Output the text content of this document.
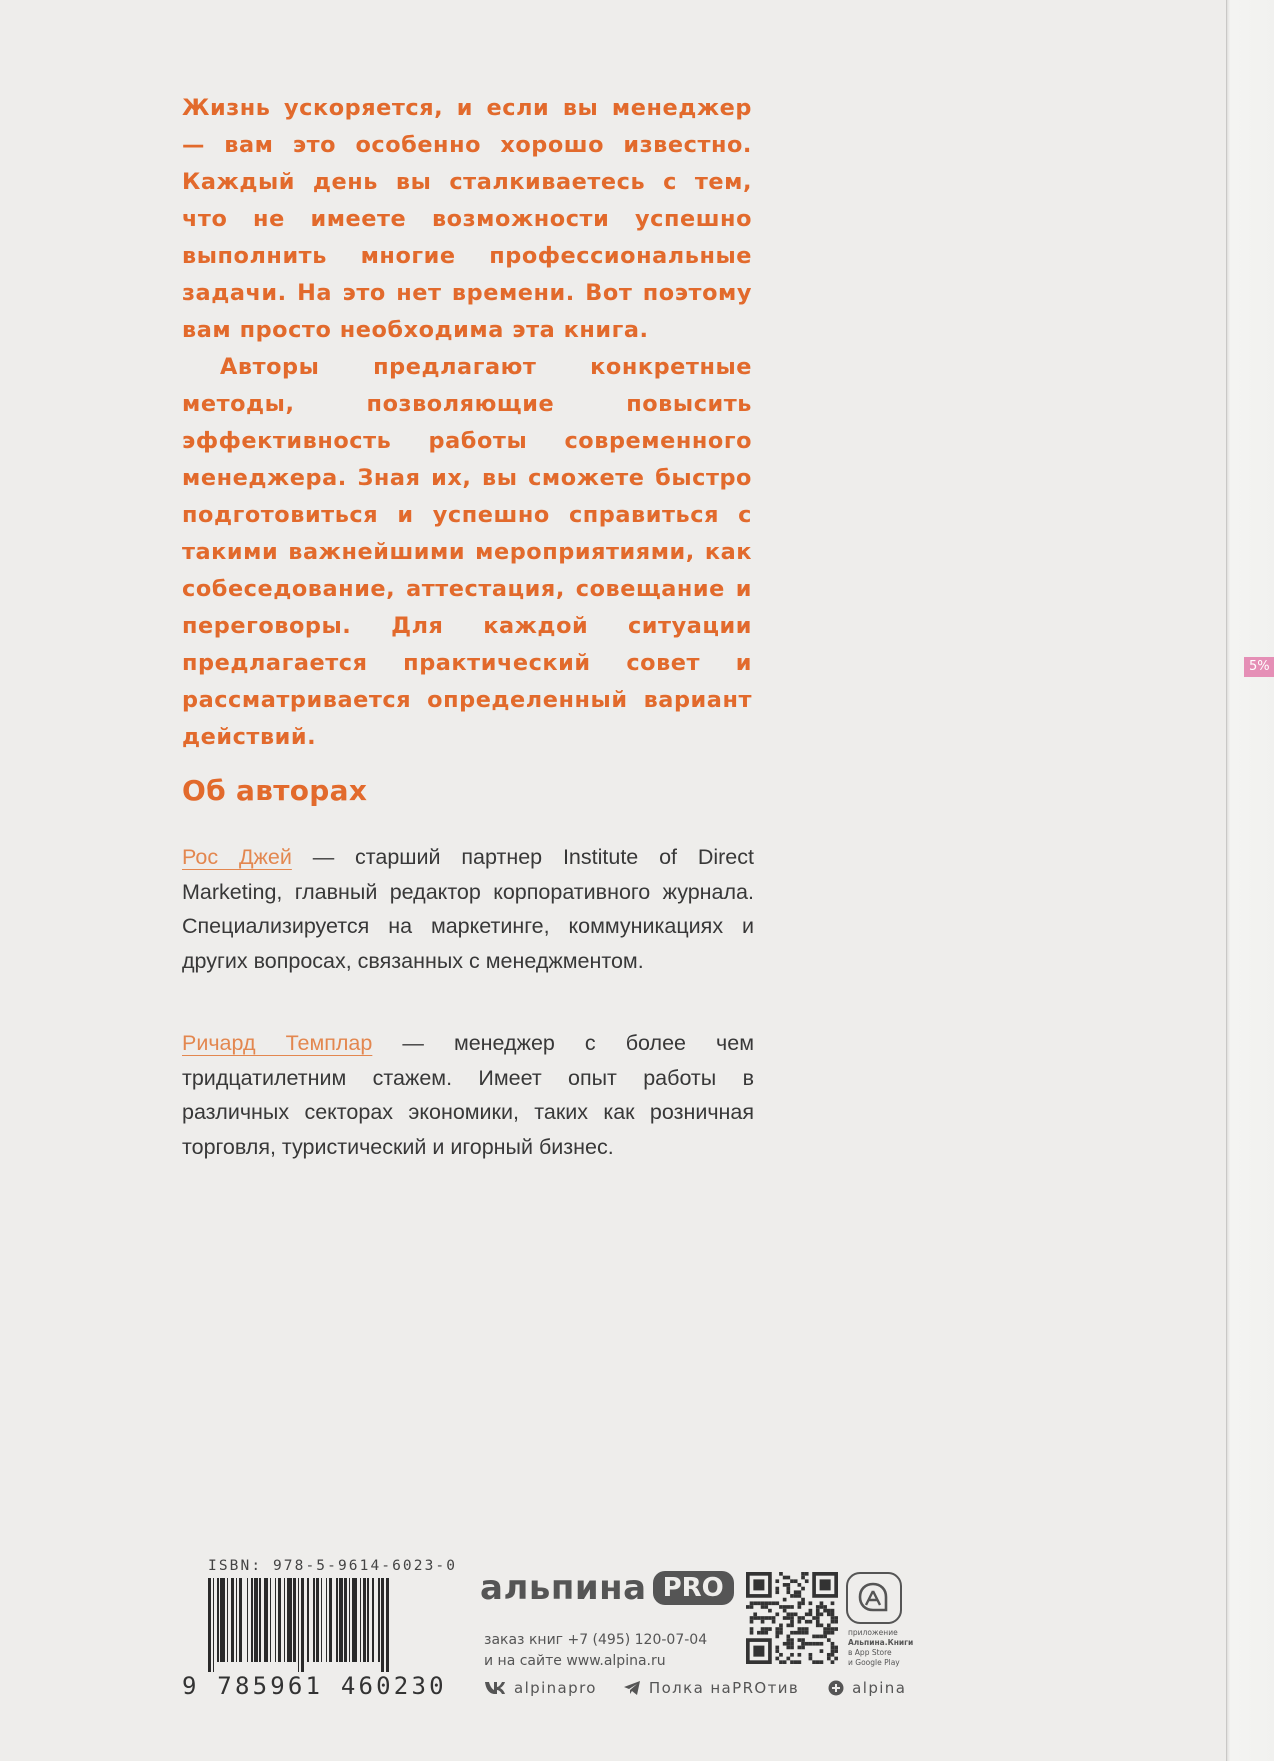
5%

Жизнь ускоряется, и если вы менеджер — вам это особенно хорошо известно. Каждый день вы сталкиваетесь с тем, что не имеете возможности успешно выполнить многие профессиональные задачи. На это нет времени. Вот поэтому вам просто необходима эта книга.

Авторы предлагают конкретные методы, позволяющие повысить эффективность работы современного менеджера. Зная их, вы сможете быстро подготовиться и успешно справиться с такими важнейшими мероприятиями, как собеседование, аттестация, совещание и переговоры. Для каждой ситуации предлагается практический совет и рассматривается определенный вариант действий.

Об авторах
Рос Джей — старший партнер Institute of Direct Marketing, главный редактор корпоративного журнала. Специализируется на маркетинге, коммуникациях и других вопросах, связанных с менеджментом.
Ричард Темплар — менеджер с более чем тридцатилетним стажем. Имеет опыт работы в различных секторах экономики, таких как розничная торговля, туристический и игорный бизнес.
ISBN: 978-5-9614-6023-0
9 785961 460230
альпина PRO
заказ книг +7 (495) 120-07-04
и на сайте www.alpina.ru
приложение
Альпина.Книги
в App Store
и Google Play
alpinapro	Полка наPROтив	alpina
